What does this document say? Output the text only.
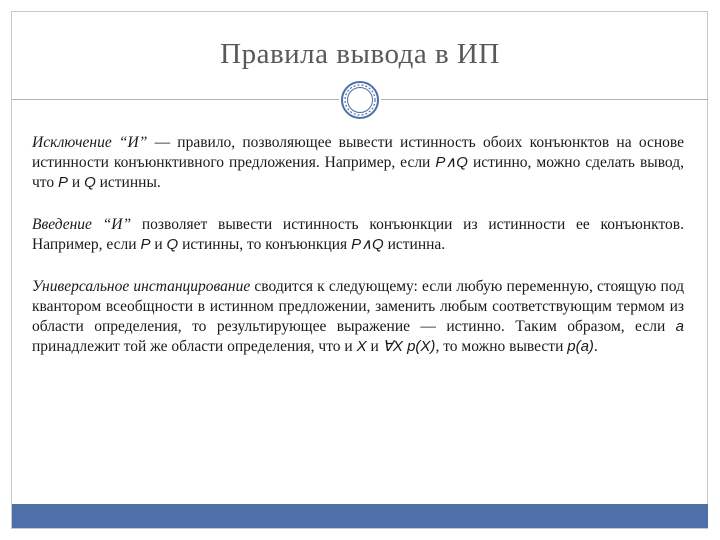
Правила вывода в ИП

Исключение “И” — правило, позволяющее вывести истинность обоих конъюнктов на основе истинности конъюнктивного предложения. Например, если P∧Q истинно, можно сделать вывод, что P и Q истинны.

Введение “И” позволяет вывести истинность конъюнкции из истинности ее конъюнктов. Например, если P и Q истинны, то конъюнкция P∧Q истинна.

Универсальное инстанцирование сводится к следующему: если любую переменную, стоящую под квантором всеобщности в истинном предложении, заменить любым соответствующим термом из области определения, то результирующее выражение — истинно. Таким образом, если a принадлежит той же области определения, что и X и ∀X p(X), то можно вывести p(a).
